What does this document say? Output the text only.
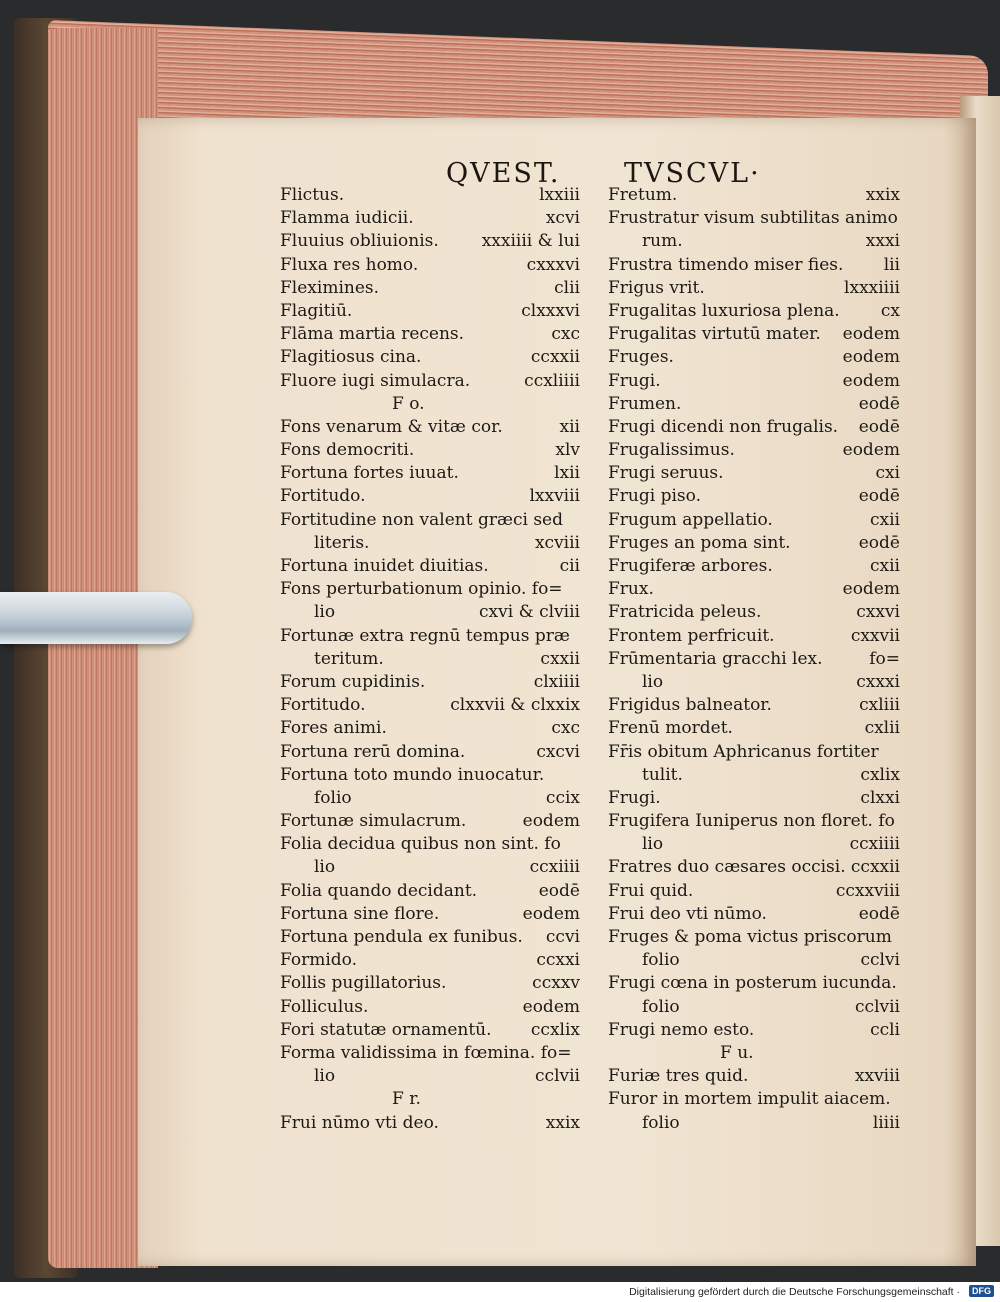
QVEST. TVSCVL·
Flictus.	lxxiii
Flamma iudicii.	xcvi
Fluuius obliuionis.	xxxiiii & lui
Fluxa res homo.	cxxxvi
Fleximines.	clii
Flagitiū.	clxxxvi
Flāma martia recens.	cxc
Flagitiosus cina.	ccxxii
Fluore iugi simulacra.	ccxliiii
F o.
Fons venarum & vitæ cor.	xii
Fons democriti.	xlv
Fortuna fortes iuuat.	lxii
Fortitudo.	lxxviii
Fortitudine non valent græci sed
literis.	xcviii
Fortuna inuidet diuitias.	cii
Fons perturbationum opinio. fo=
lio	cxvi & clviii
Fortunæ extra regnū tempus præ
teritum.	cxxii
Forum cupidinis.	clxiiii
Fortitudo.	clxxvii & clxxix
Fores animi.	cxc
Fortuna rerū domina.	cxcvi
Fortuna toto mundo inuocatur.
folio	ccix
Fortunæ simulacrum.	eodem
Folia decidua quibus non sint. fo
lio	ccxiiii
Folia quando decidant.	eodē
Fortuna sine flore.	eodem
Fortuna pendula ex funibus. ccvi
Formido.	ccxxi
Follis pugillatorius.	ccxxv
Folliculus.	eodem
Fori statutæ ornamentū. ccxlix
Forma validissima in fœmina. fo=
lio	cclvii
F r.
Frui nūmo vti deo.	xxix
Fretum.	xxix
Frustratur visum subtilitas animo
rum.	xxxi
Frustra timendo miser fies. lii
Frigus vrit.	lxxxiiii
Frugalitas luxuriosa plena. cx
Frugalitas virtutū mater. eodem
Fruges.	eodem
Frugi.	eodem
Frumen.	eodē
Frugi dicendi non frugalis. eodē
Frugalissimus.	eodem
Frugi seruus.	cxi
Frugi piso.	eodē
Frugum appellatio.	cxii
Fruges an poma sint.	eodē
Frugiferæ arbores.	cxii
Frux.	eodem
Fratricida peleus.	cxxvi
Frontem perfricuit.	cxxvii
Frūmentaria gracchi lex.	fo=
lio	cxxxi
Frigidus balneator.	cxliii
Frenū mordet.	cxlii
Fr̄is obitum Aphricanus fortiter
tulit.	cxlix
Frugi.	clxxi
Frugifera Iuniperus non floret. fo
lio	ccxiiii
Fratres duo cæsares occisi. ccxxii
Frui quid.	ccxxviii
Frui deo vti nūmo.	eodē
Fruges & poma victus priscorum
folio	cclvi
Frugi cœna in posterum iucunda.
folio	cclvii
Frugi nemo esto.	ccli
F u.
Furiæ tres quid.	xxviii
Furor in mortem impulit aiacem.
folio	liiii
Digitalisierung gefördert durch die Deutsche Forschungsgemeinschaft ·	DFG
